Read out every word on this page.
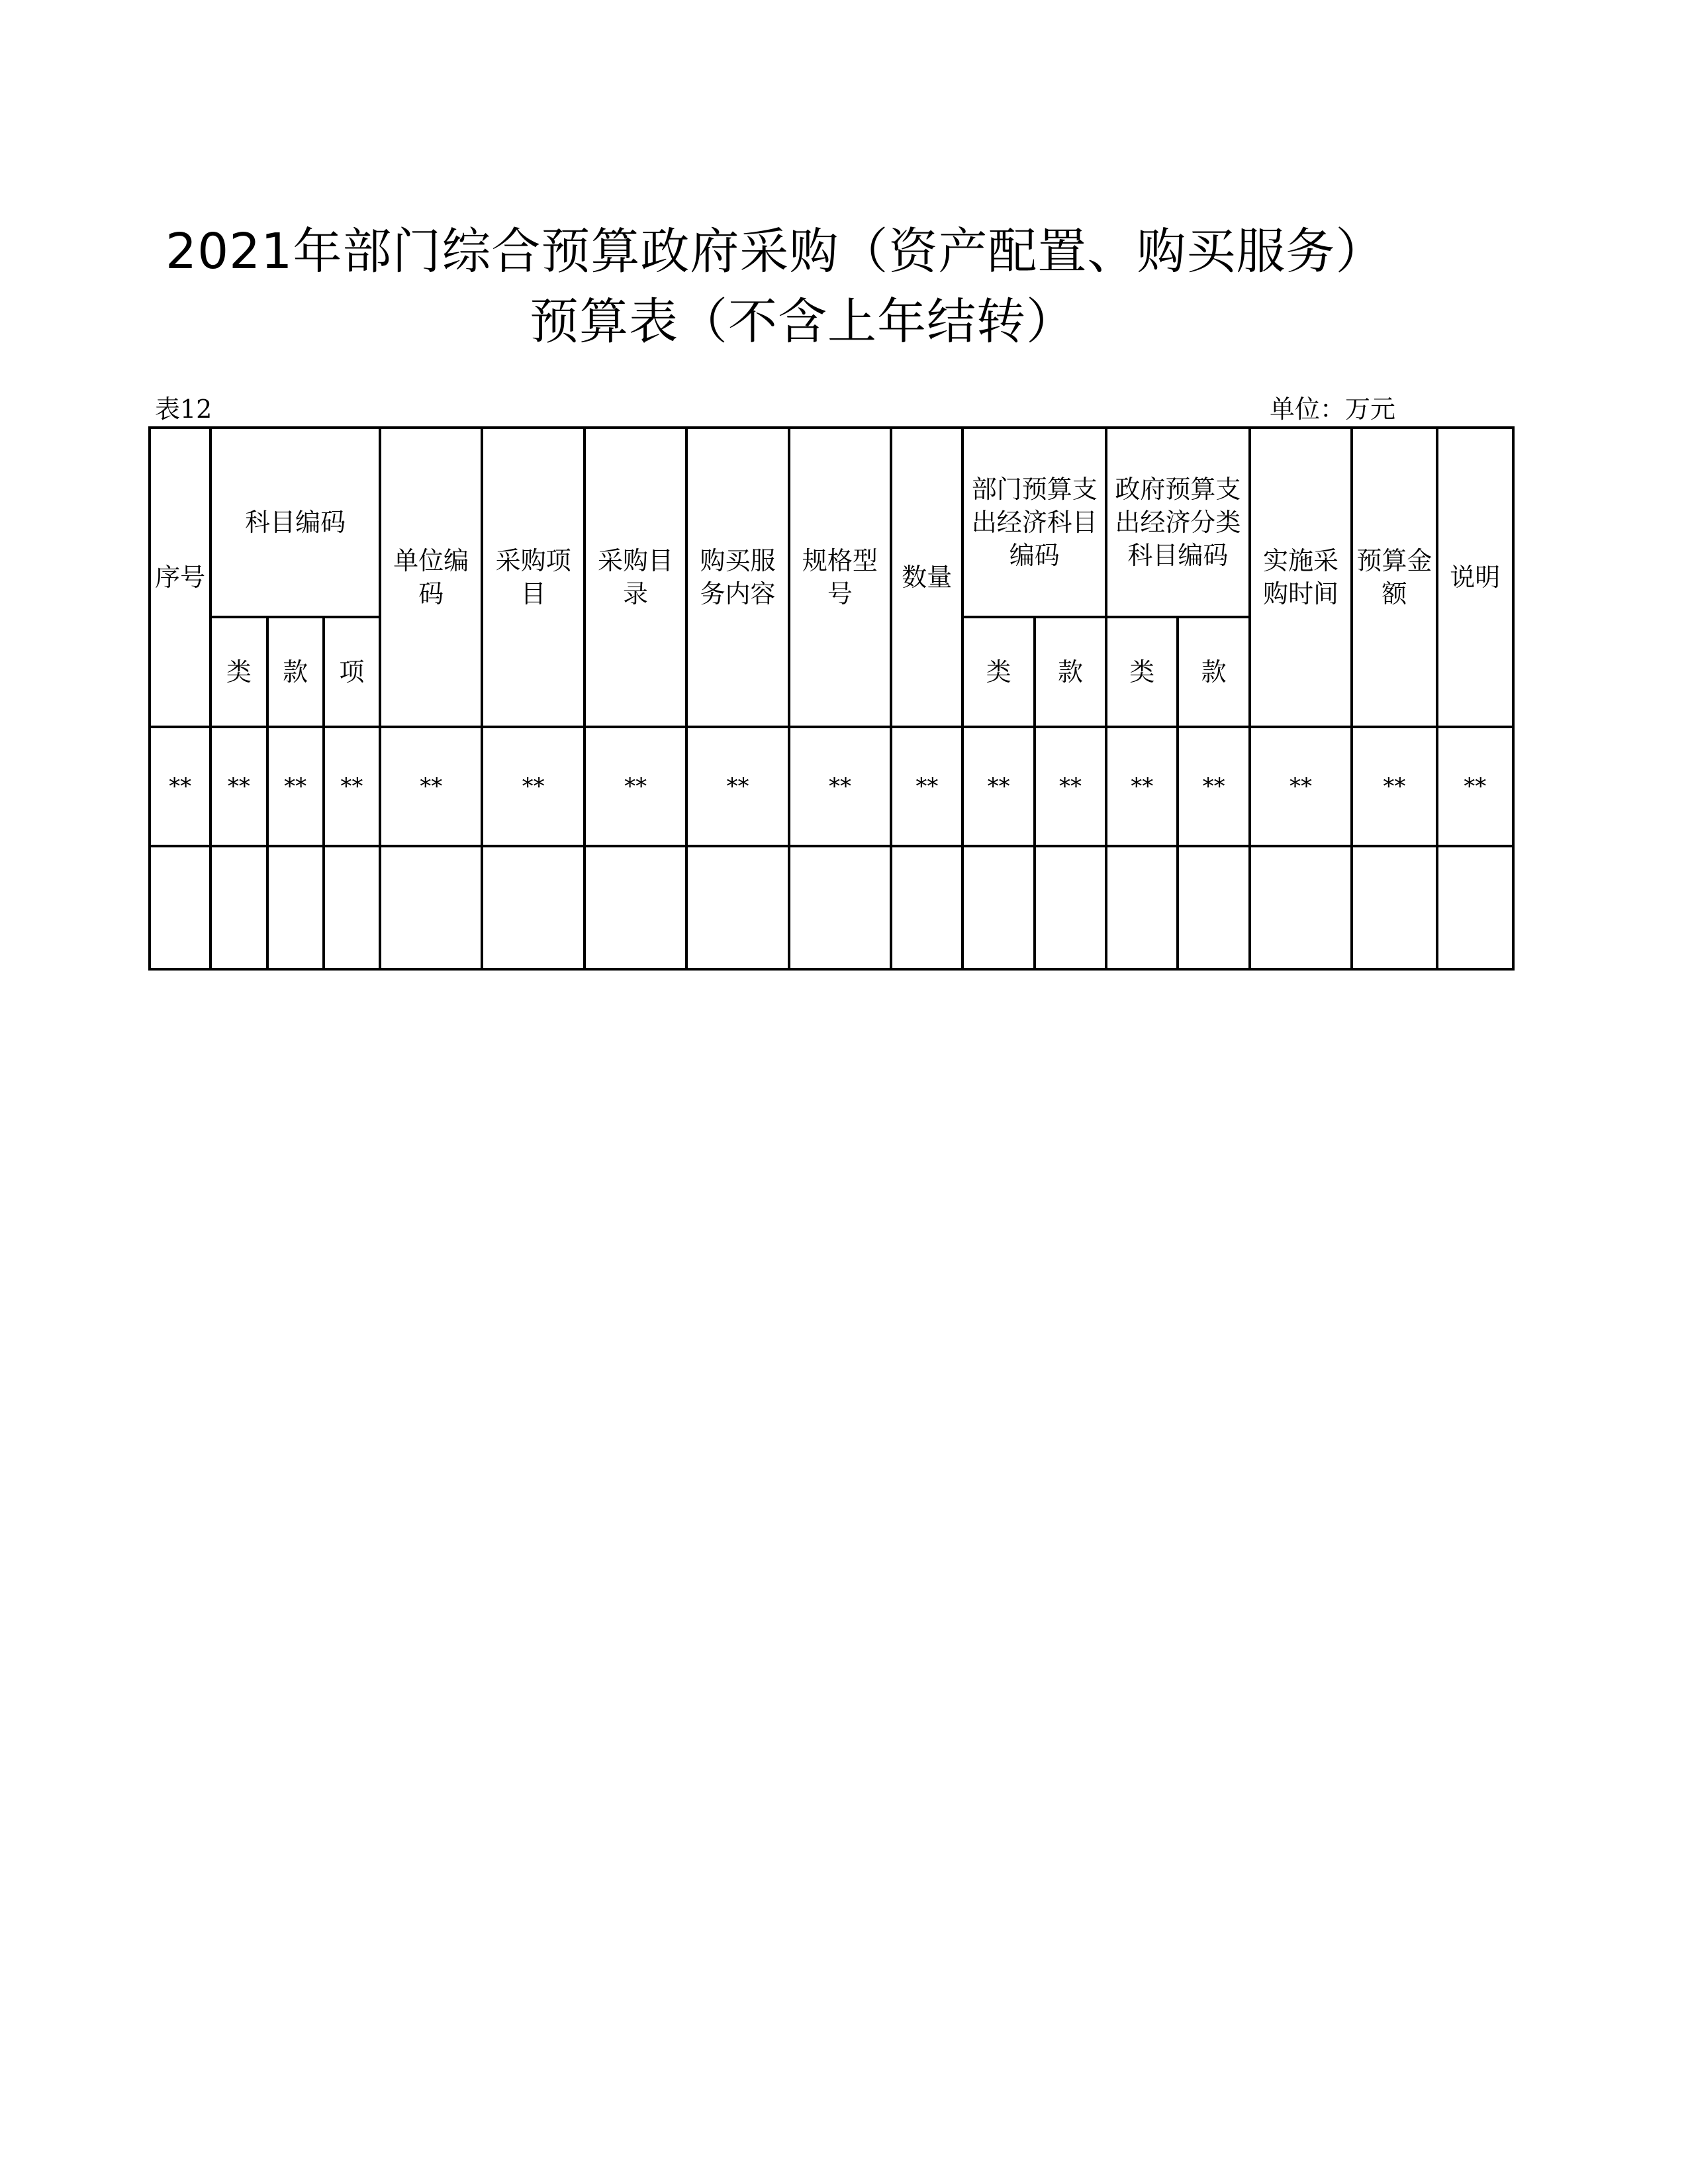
2021年部门综合预算政府采购（资产配置、购买服务）
预算表（不含上年结转）
表12	单位：万元
序号	科目编码			单位编码	采购项目	采购目录	购买服务内容	规格型号	数量	部门预算支出经济科目编码		政府预算支出经济分类科目编码		实施采购时间	预算金额	说明
	类	款	项							类	款	类	款			
**	**	**	**	**	**	**	**	**	**	**	**	**	**	**	**	**
